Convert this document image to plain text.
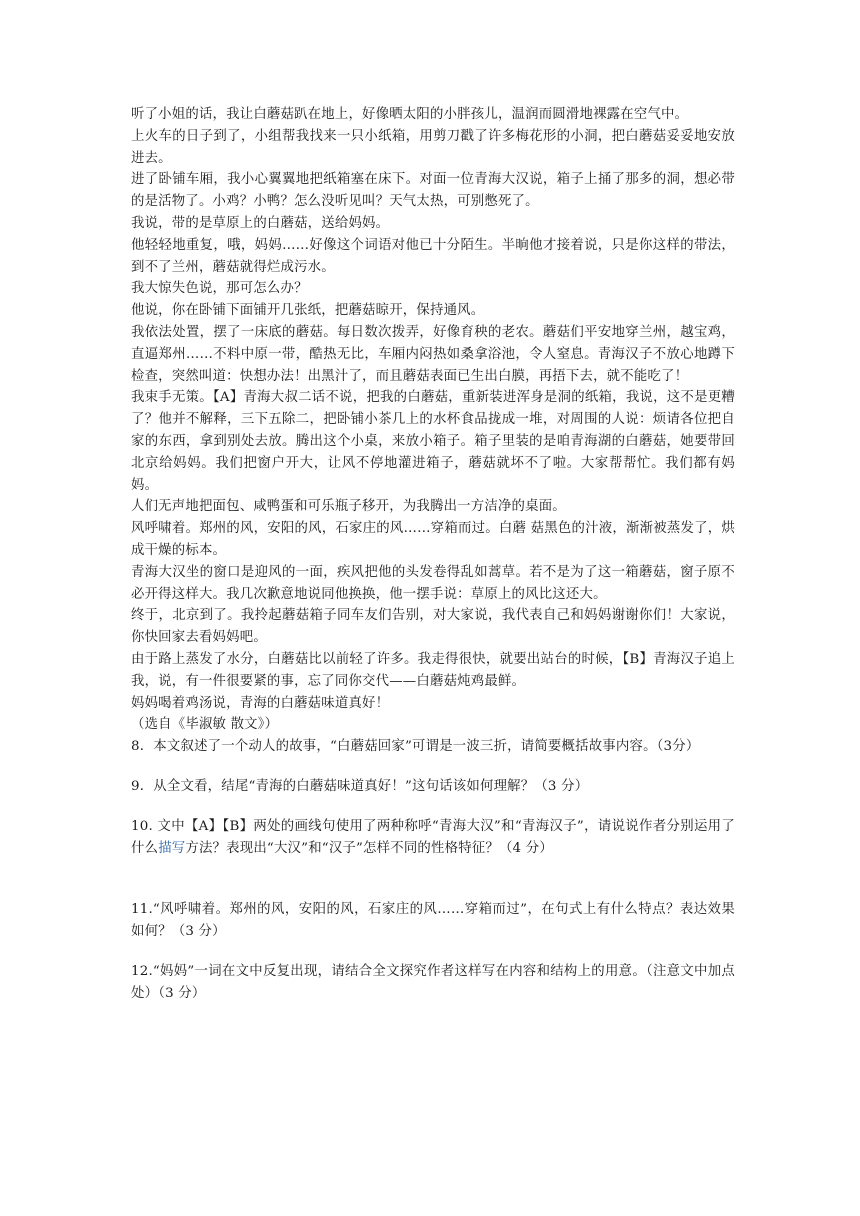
听了小姐的话，我让白蘑菇趴在地上，好像晒太阳的小胖孩儿，温润而圆滑地裸露在空气中。

上火车的日子到了，小组帮我找来一只小纸箱，用剪刀戳了许多梅花形的小洞，把白蘑菇妥妥地安放进去。

进了卧铺车厢，我小心翼翼地把纸箱塞在床下。对面一位青海大汉说，箱子上捅了那多的洞，想必带的是活物了。小鸡？小鸭？怎么没听见叫？天气太热，可别憋死了。

我说，带的是草原上的白蘑菇，送给妈妈。

他轻轻地重复，哦，妈妈……好像这个词语对他已十分陌生。半晌他才接着说，只是你这样的带法，到不了兰州，蘑菇就得烂成污水。

我大惊失色说，那可怎么办？

他说，你在卧铺下面铺开几张纸，把蘑菇晾开，保持通风。

我依法处置，摆了一床底的蘑菇。每日数次拨弄，好像育秧的老农。蘑菇们平安地穿兰州，越宝鸡，直逼郑州……不料中原一带，酷热无比，车厢内闷热如桑拿浴池，令人窒息。青海汉子不放心地蹲下检查，突然叫道：快想办法！出黑汁了，而且蘑菇表面已生出白膜，再捂下去，就不能吃了！

我束手无策。【A】青海大叔二话不说，把我的白蘑菇，重新装进浑身是洞的纸箱，我说，这不是更糟了？他并不解释，三下五除二，把卧铺小茶几上的水杯食品拢成一堆，对周围的人说：烦请各位把自家的东西，拿到别处去放。腾出这个小桌，来放小箱子。箱子里装的是咱青海湖的白蘑菇，她要带回北京给妈妈。我们把窗户开大，让风不停地灌进箱子，蘑菇就坏不了啦。大家帮帮忙。我们都有妈妈。

人们无声地把面包、咸鸭蛋和可乐瓶子移开，为我腾出一方洁净的桌面。

风呼啸着。郑州的风，安阳的风，石家庄的风……穿箱而过。白蘑 菇黑色的汁液，渐渐被蒸发了，烘成干燥的标本。

青海大汉坐的窗口是迎风的一面，疾风把他的头发卷得乱如蒿草。若不是为了这一箱蘑菇，窗子原不必开得这样大。我几次歉意地说同他换换，他一摆手说：草原上的风比这还大。

终于，北京到了。我拎起蘑菇箱子同车友们告别，对大家说，我代表自己和妈妈谢谢你们！大家说，你快回家去看妈妈吧。

由于路上蒸发了水分，白蘑菇比以前轻了许多。我走得很快，就要出站台的时候，【B】青海汉子追上我，说，有一件很要紧的事，忘了同你交代——白蘑菇炖鸡最鲜。

妈妈喝着鸡汤说，青海的白蘑菇味道真好！

（选自《毕淑敏 散文》）

8．本文叙述了一个动人的故事，“白蘑菇回家”可谓是一波三折，请简要概括故事内容。（3分）

9．从全文看，结尾“青海的白蘑菇味道真好！”这句话该如何理解？（3 分）

10. 文中【A】【B】两处的画线句使用了两种称呼“青海大汉”和“青海汉子”，请说说作者分别运用了什么描写方法？表现出“大汉”和“汉子”怎样不同的性格特征？（4 分）

11.“风呼啸着。郑州的风，安阳的风，石家庄的风……穿箱而过”，在句式上有什么特点？表达效果如何？（3 分）

12.“妈妈”一词在文中反复出现，请结合全文探究作者这样写在内容和结构上的用意。（注意文中加点处）（3 分）
